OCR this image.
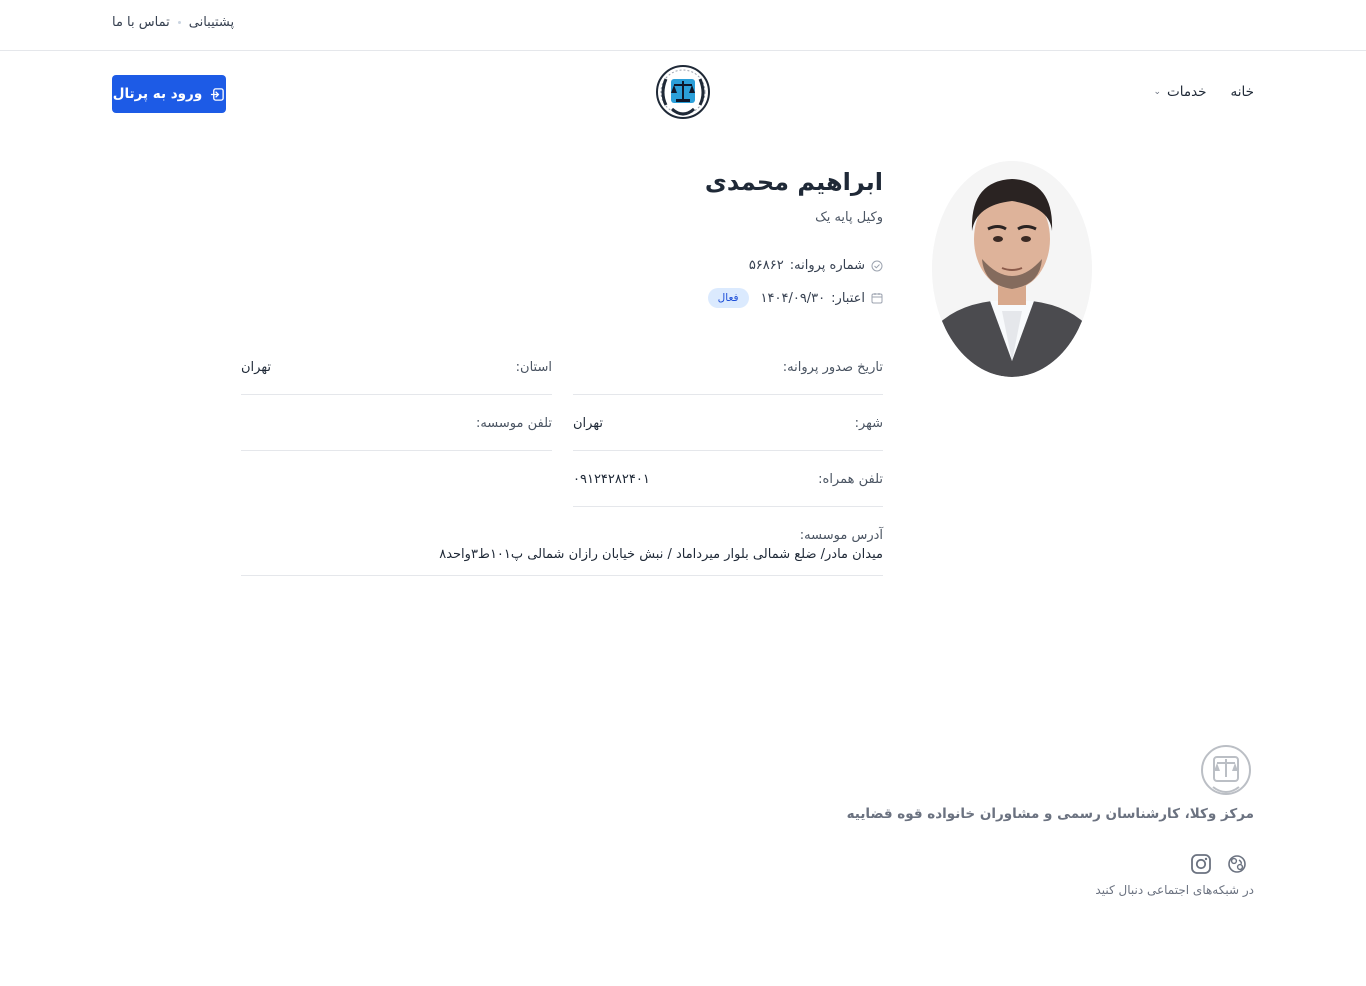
پشتیبانی
تماس با ما
خانه
خدمات
⌄
ورود به پرتال
ابراهیم محمدی
وکیل پایه یک
شماره پروانه:
۵۶۸۶۲
اعتبار:
۱۴۰۴/۰۹/۳۰
فعال
تاریخ صدور پروانه:
استان:
تهران
شهر:
تهران
تلفن موسسه:
تلفن همراه:
۰۹۱۲۴۲۸۲۴۰۱
آدرس موسسه:
میدان مادر/ ضلع شمالی بلوار میرداماد / نبش خیابان رازان شمالی پ۱۰۱ط۳واحد۸
مرکز وکلا، کارشناسان رسمی و مشاوران خانواده قوه قضاییه
در شبکه‌های اجتماعی دنبال کنید
